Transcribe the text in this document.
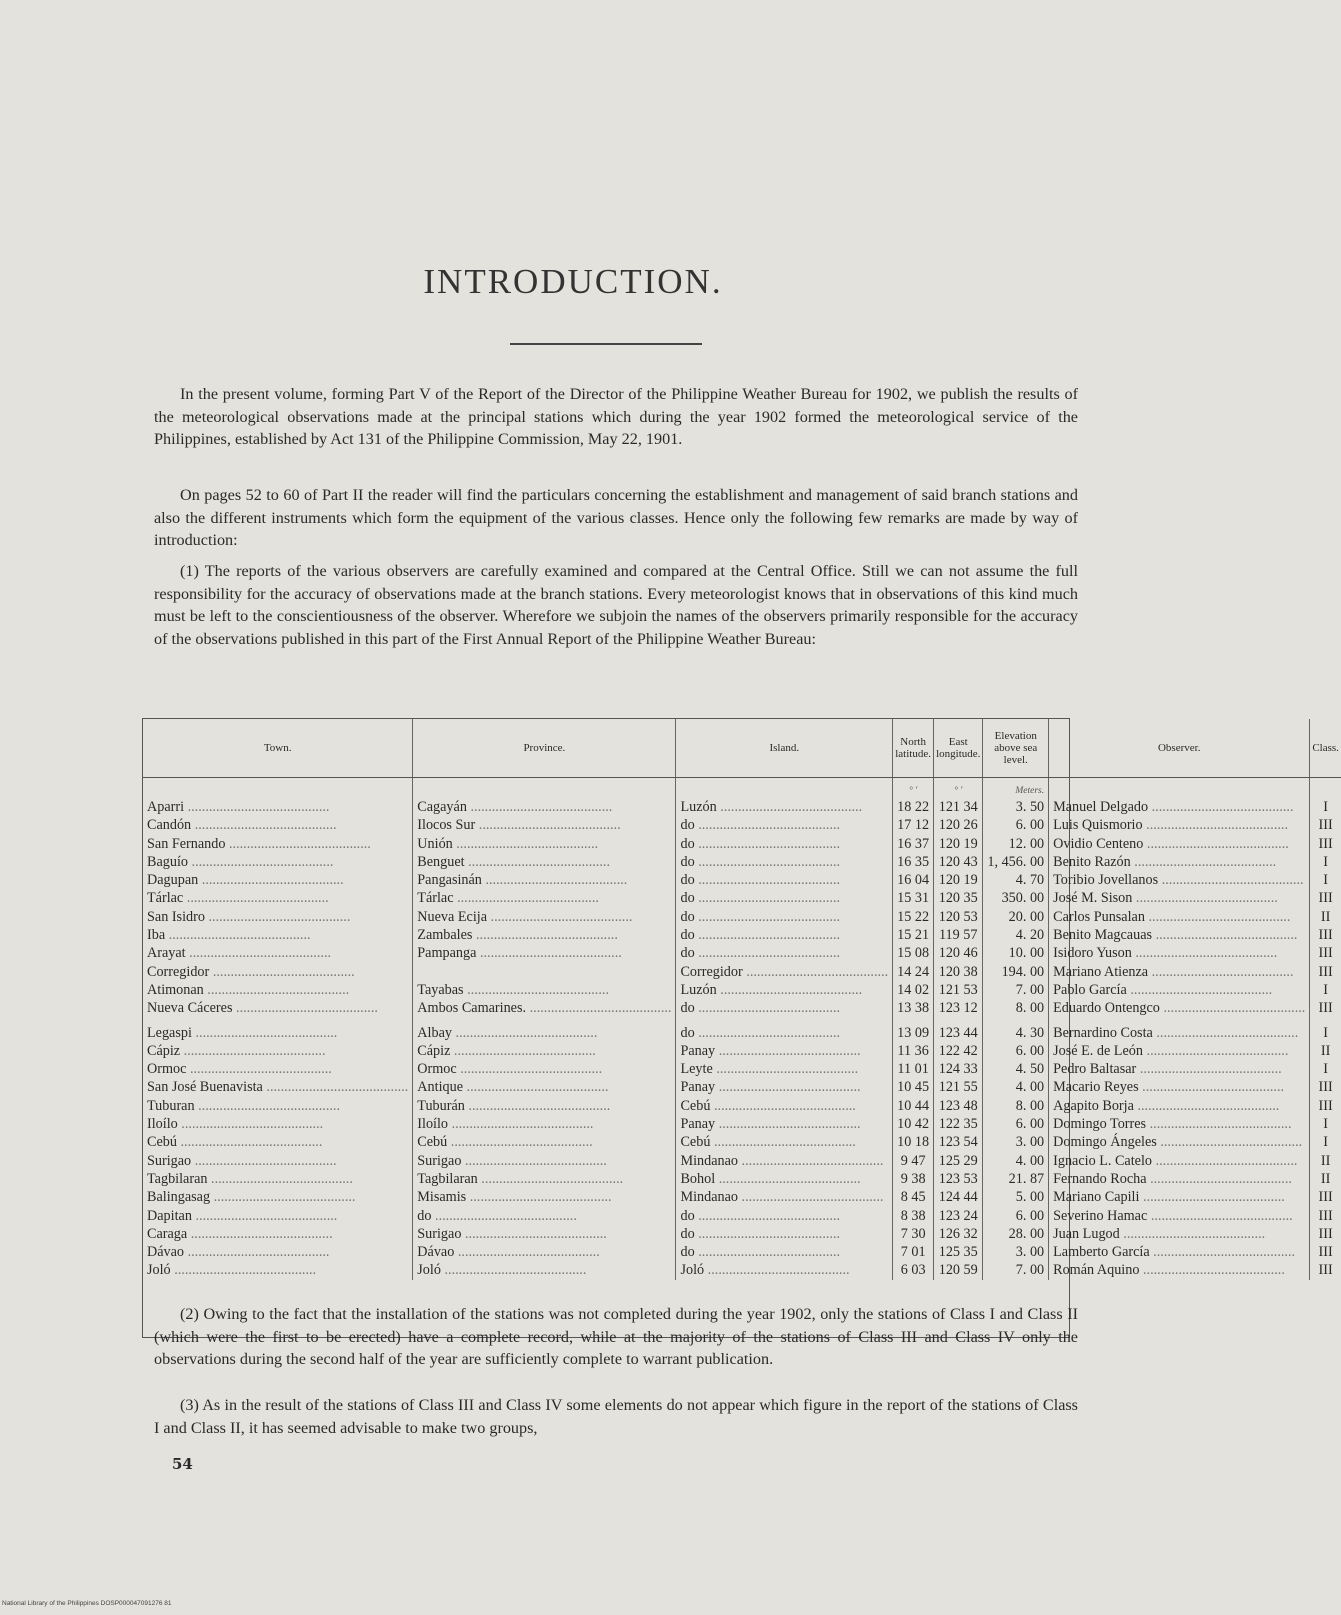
INTRODUCTION.

In the present volume, forming Part V of the Report of the Director of the Philippine Weather Bureau for 1902, we publish the results of the meteorological observations made at the principal stations which during the year 1902 formed the meteorological service of the Philippines, established by Act 131 of the Philippine Commission, May 22, 1901.

On pages 52 to 60 of Part II the reader will find the particulars concerning the establishment and management of said branch stations and also the different instruments which form the equipment of the various classes. Hence only the following few remarks are made by way of introduction:

(1) The reports of the various observers are carefully examined and compared at the Central Office. Still we can not assume the full responsibility for the accuracy of observations made at the branch stations. Every meteorologist knows that in observations of this kind much must be left to the conscientiousness of the observer. Wherefore we subjoin the names of the observers primarily responsible for the accuracy of the observations published in this part of the First Annual Report of the Philippine Weather Bureau:

Town.	Province.	Island.	North latitude.	East longitude.	Elevation above sea level.	Observer.	Class.
			° ′	° ′	Meters.		

Aparri .....	Cagayán .....	Luzón .....	18 22	121 34	3. 50	Manuel Delgado .....	I

Candón .....	Ilocos Sur .....	do .....	17 12	120 26	6. 00	Luis Quismorio .....	III

San Fernando .....	Unión .....	do .....	16 37	120 19	12. 00	Ovidio Centeno .....	III

Baguío .....	Benguet .....	do .....	16 35	120 43	1, 456. 00	Benito Razón .....	I

Dagupan .....	Pangasinán .....	do .....	16 04	120 19	4. 70	Toribio Jovellanos .....	I

Tárlac .....	Tárlac .....	do .....	15 31	120 35	350. 00	José M. Sison .....	III

San Isidro .....	Nueva Ecija .....	do .....	15 22	120 53	20. 00	Carlos Punsalan .....	II

Iba .....	Zambales .....	do .....	15 21	119 57	4. 20	Benito Magcauas .....	III

Arayat .....	Pampanga .....	do .....	15 08	120 46	10. 00	Isidoro Yuson .....	III

Corregidor .....		Corregidor .....	14 24	120 38	194. 00	Mariano Atienza .....	III

Atimonan .....	Tayabas .....	Luzón .....	14 02	121 53	7. 00	Pablo García .....	I

Nueva Cáceres .....	Ambos Camarines. .....	do .....	13 38	123 12	8. 00	Eduardo Ontengco .....	III

Legaspi .....	Albay .....	do .....	13 09	123 44	4. 30	Bernardino Costa .....	I

Cápiz .....	Cápiz .....	Panay .....	11 36	122 42	6. 00	José E. de León .....	II

Ormoc .....	Ormoc .....	Leyte .....	11 01	124 33	4. 50	Pedro Baltasar .....	I

San José Buenavista .....	Antique .....	Panay .....	10 45	121 55	4. 00	Macario Reyes .....	III

Tuburan .....	Tuburán .....	Cebú .....	10 44	123 48	8. 00	Agapito Borja .....	III

Iloílo .....	Iloílo .....	Panay .....	10 42	122 35	6. 00	Domingo Torres .....	I

Cebú .....	Cebú .....	Cebú .....	10 18	123 54	3. 00	Domingo Ángeles .....	I

Surigao .....	Surigao .....	Mindanao .....	9 47	125 29	4. 00	Ignacio L. Catelo .....	II

Tagbilaran .....	Tagbilaran .....	Bohol .....	9 38	123 53	21. 87	Fernando Rocha .....	II

Balingasag .....	Misamis .....	Mindanao .....	8 45	124 44	5. 00	Mariano Capili .....	III

Dapitan .....	do .....	do .....	8 38	123 24	6. 00	Severino Hamac .....	III

Caraga .....	Surigao .....	do .....	7 30	126 32	28. 00	Juan Lugod .....	III

Dávao .....	Dávao .....	do .....	7 01	125 35	3. 00	Lamberto García .....	III

Joló .....	Joló .....	Joló .....	6 03	120 59	7. 00	Román Aquino .....	III

(2) Owing to the fact that the installation of the stations was not completed during the year 1902, only the stations of Class I and Class II (which were the first to be erected) have a complete record, while at the majority of the stations of Class III and Class IV only the observations during the second half of the year are sufficiently complete to warrant publication.

(3) As in the result of the stations of Class III and Class IV some elements do not appear which figure in the report of the stations of Class I and Class II, it has seemed advisable to make two groups,

54
National Library of the Philippines DOSP000047091276 81
